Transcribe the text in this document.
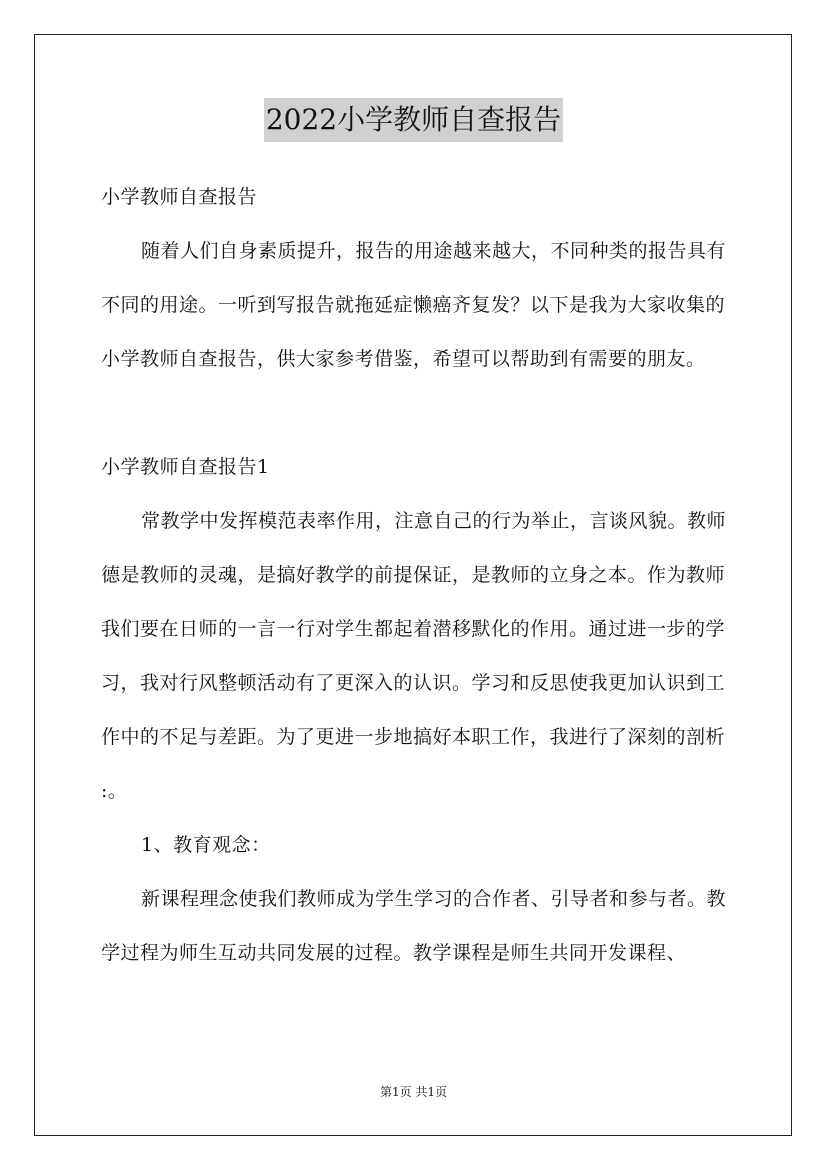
2022小学教师自查报告

小学教师自查报告

随着人们自身素质提升，报告的用途越来越大，不同种类的报告具有不同的用途。一听到写报告就拖延症懒癌齐复发？以下是我为大家收集的小学教师自查报告，供大家参考借鉴，希望可以帮助到有需要的朋友。

小学教师自查报告1

常教学中发挥模范表率作用，注意自己的行为举止，言谈风貌。教师德是教师的灵魂，是搞好教学的前提保证，是教师的立身之本。作为教师我们要在日师的一言一行对学生都起着潜移默化的作用。通过进一步的学习，我对行风整顿活动有了更深入的认识。学习和反思使我更加认识到工作中的不足与差距。为了更进一步地搞好本职工作，我进行了深刻的剖析 :。

1、教育观念：

新课程理念使我们教师成为学生学习的合作者、引导者和参与者。教学过程为师生互动共同发展的过程。教学课程是师生共同开发课程、

第1页 共1页
